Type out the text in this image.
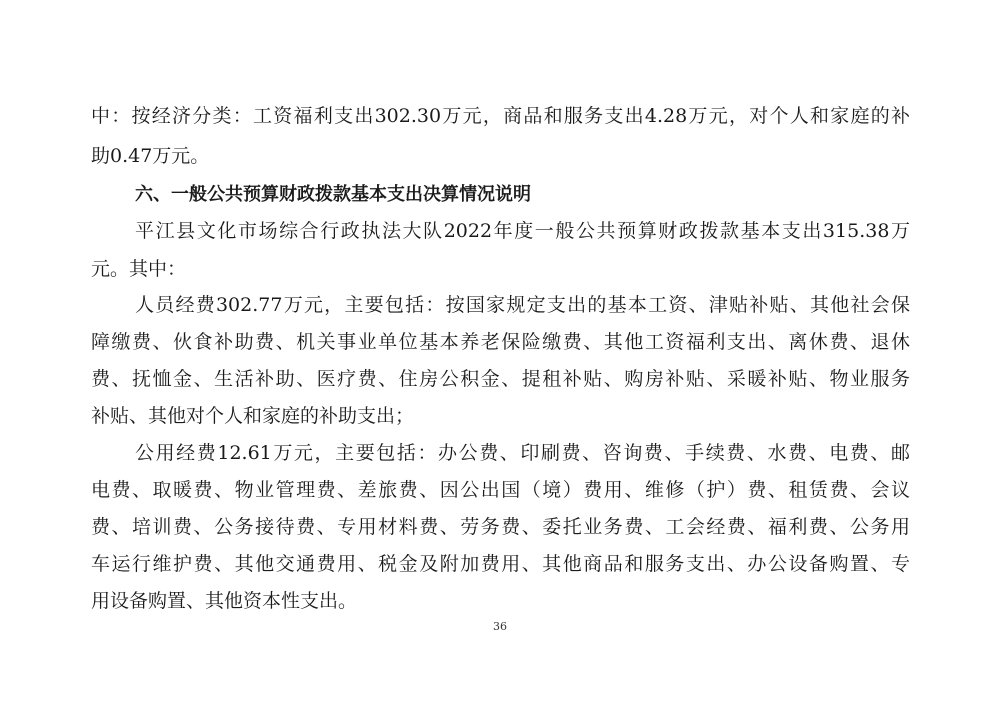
中：按经济分类：工资福利支出302.30万元，商品和服务支出4.28万元，对个人和家庭的补
助0.47万元。
六、一般公共预算财政拨款基本支出决算情况说明
平江县文化市场综合行政执法大队2022年度一般公共预算财政拨款基本支出315.38万
元。其中：
人员经费302.77万元，主要包括：按国家规定支出的基本工资、津贴补贴、其他社会保
障缴费、伙食补助费、机关事业单位基本养老保险缴费、其他工资福利支出、离休费、退休
费、抚恤金、生活补助、医疗费、住房公积金、提租补贴、购房补贴、采暖补贴、物业服务
补贴、其他对个人和家庭的补助支出；
公用经费12.61万元，主要包括：办公费、印刷费、咨询费、手续费、水费、电费、邮
电费、取暖费、物业管理费、差旅费、因公出国（境）费用、维修（护）费、租赁费、会议
费、培训费、公务接待费、专用材料费、劳务费、委托业务费、工会经费、福利费、公务用
车运行维护费、其他交通费用、税金及附加费用、其他商品和服务支出、办公设备购置、专
用设备购置、其他资本性支出。
36
